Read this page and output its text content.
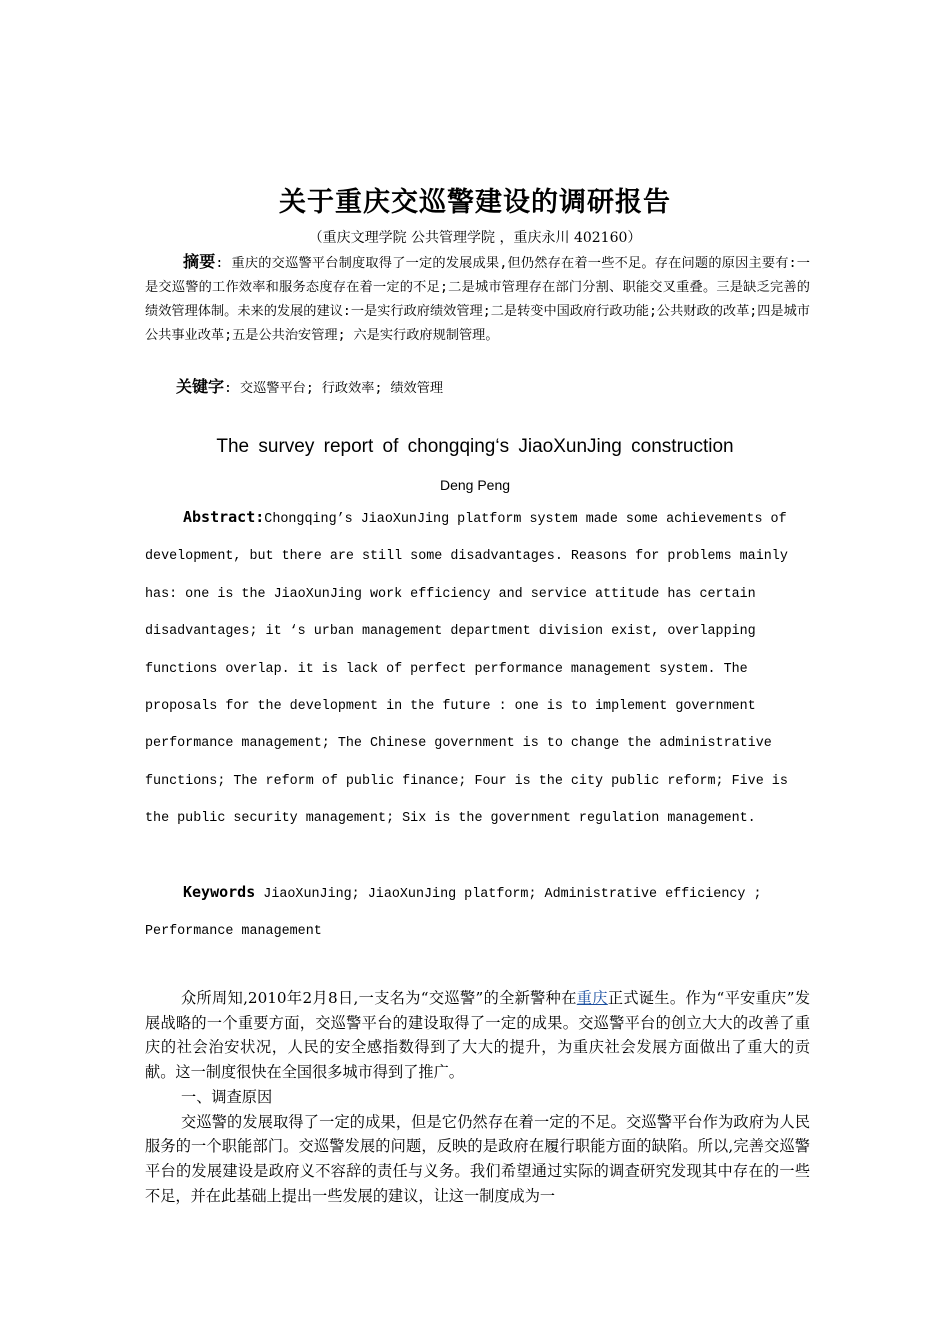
关于重庆交巡警建设的调研报告
（重庆文理学院 公共管理学院 ，重庆永川 402160）
摘要: 重庆的交巡警平台制度取得了一定的发展成果,但仍然存在着一些不足。存在问题的原因主要有:一是交巡警的工作效率和服务态度存在着一定的不足;二是城市管理存在部门分割、职能交叉重叠。三是缺乏完善的绩效管理体制。未来的发展的建议:一是实行政府绩效管理;二是转变中国政府行政功能;公共财政的改革;四是城市公共事业改革;五是公共治安管理; 六是实行政府规制管理。
关键字: 交巡警平台; 行政效率; 绩效管理
The survey report of chongqing‘s JiaoXunJing construction
Deng Peng
Abstract:Chongqing’s JiaoXunJing platform system made some achievements of development, but there are still some disadvantages. Reasons for problems mainly has: one is the JiaoXunJing work efficiency and service attitude has certain disadvantages; it ‘s urban management department division exist, overlapping functions overlap. it is lack of perfect performance management system. The proposals for the development in the future : one is to implement government performance management; The Chinese government is to change the administrative functions; The reform of public finance; Four is the city public reform; Five is the public security management; Six is the government regulation management.
Keywords JiaoXunJing; JiaoXunJing platform; Administrative efficiency ; Performance management

众所周知,2010年2月8日,一支名为“交巡警”的全新警种在重庆正式诞生。作为“平安重庆”发展战略的一个重要方面，交巡警平台的建设取得了一定的成果。交巡警平台的创立大大的改善了重庆的社会治安状况，人民的安全感指数得到了大大的提升，为重庆社会发展方面做出了重大的贡献。这一制度很快在全国很多城市得到了推广。

一、调查原因

交巡警的发展取得了一定的成果，但是它仍然存在着一定的不足。交巡警平台作为政府为人民服务的一个职能部门。交巡警发展的问题，反映的是政府在履行职能方面的缺陷。所以,完善交巡警平台的发展建设是政府义不容辞的责任与义务。我们希望通过实际的调查研究发现其中存在的一些不足，并在此基础上提出一些发展的建议，让这一制度成为一
